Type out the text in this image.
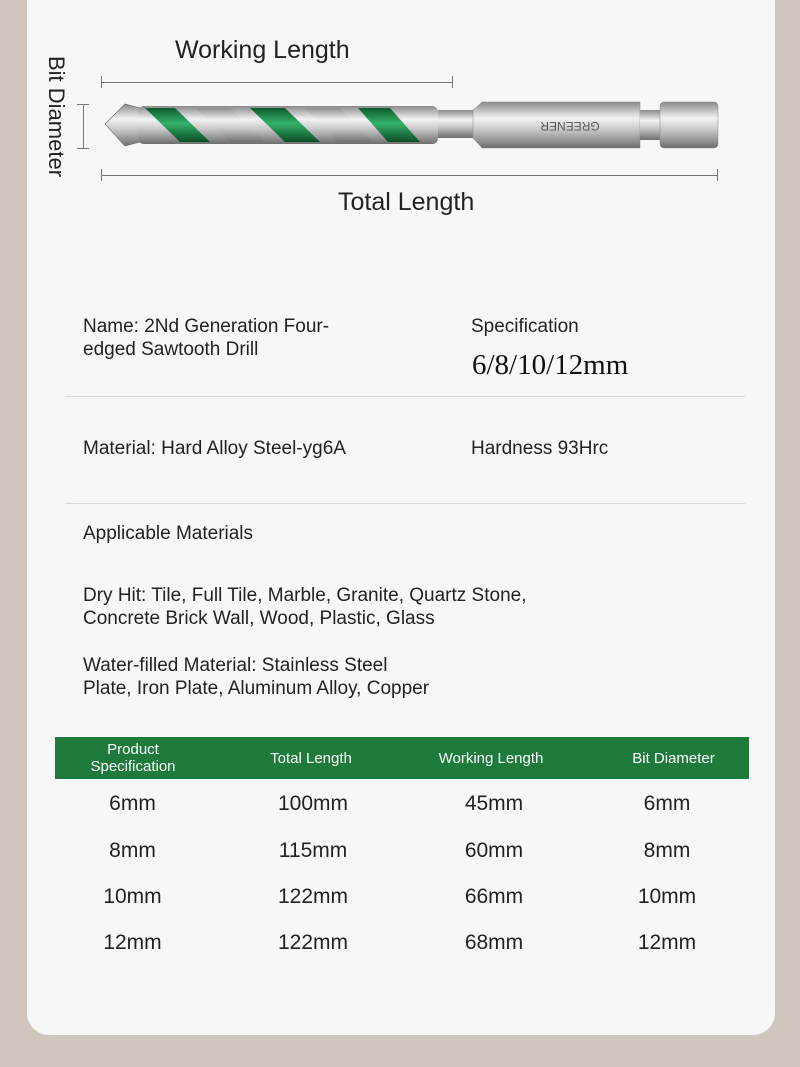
Working Length
Bit Diameter	GREENER
Total Length
Name: 2Nd Generation Four-
edged Sawtooth Drill
Specification
6/8/10/12mm
Material: Hard Alloy Steel-yg6A	Hardness 93Hrc
Applicable Materials
Dry Hit: Tile, Full Tile, Marble, Granite, Quartz Stone,
Concrete Brick Wall, Wood, Plastic, Glass
Water-filled Material: Stainless Steel
Plate, Iron Plate, Aluminum Alloy, Copper
Product
Specification	Total Length	Working Length	Bit Diameter
6mm	100mm	45mm	6mm
8mm	115mm	60mm	8mm
10mm	122mm	66mm	10mm
12mm	122mm	68mm	12mm
